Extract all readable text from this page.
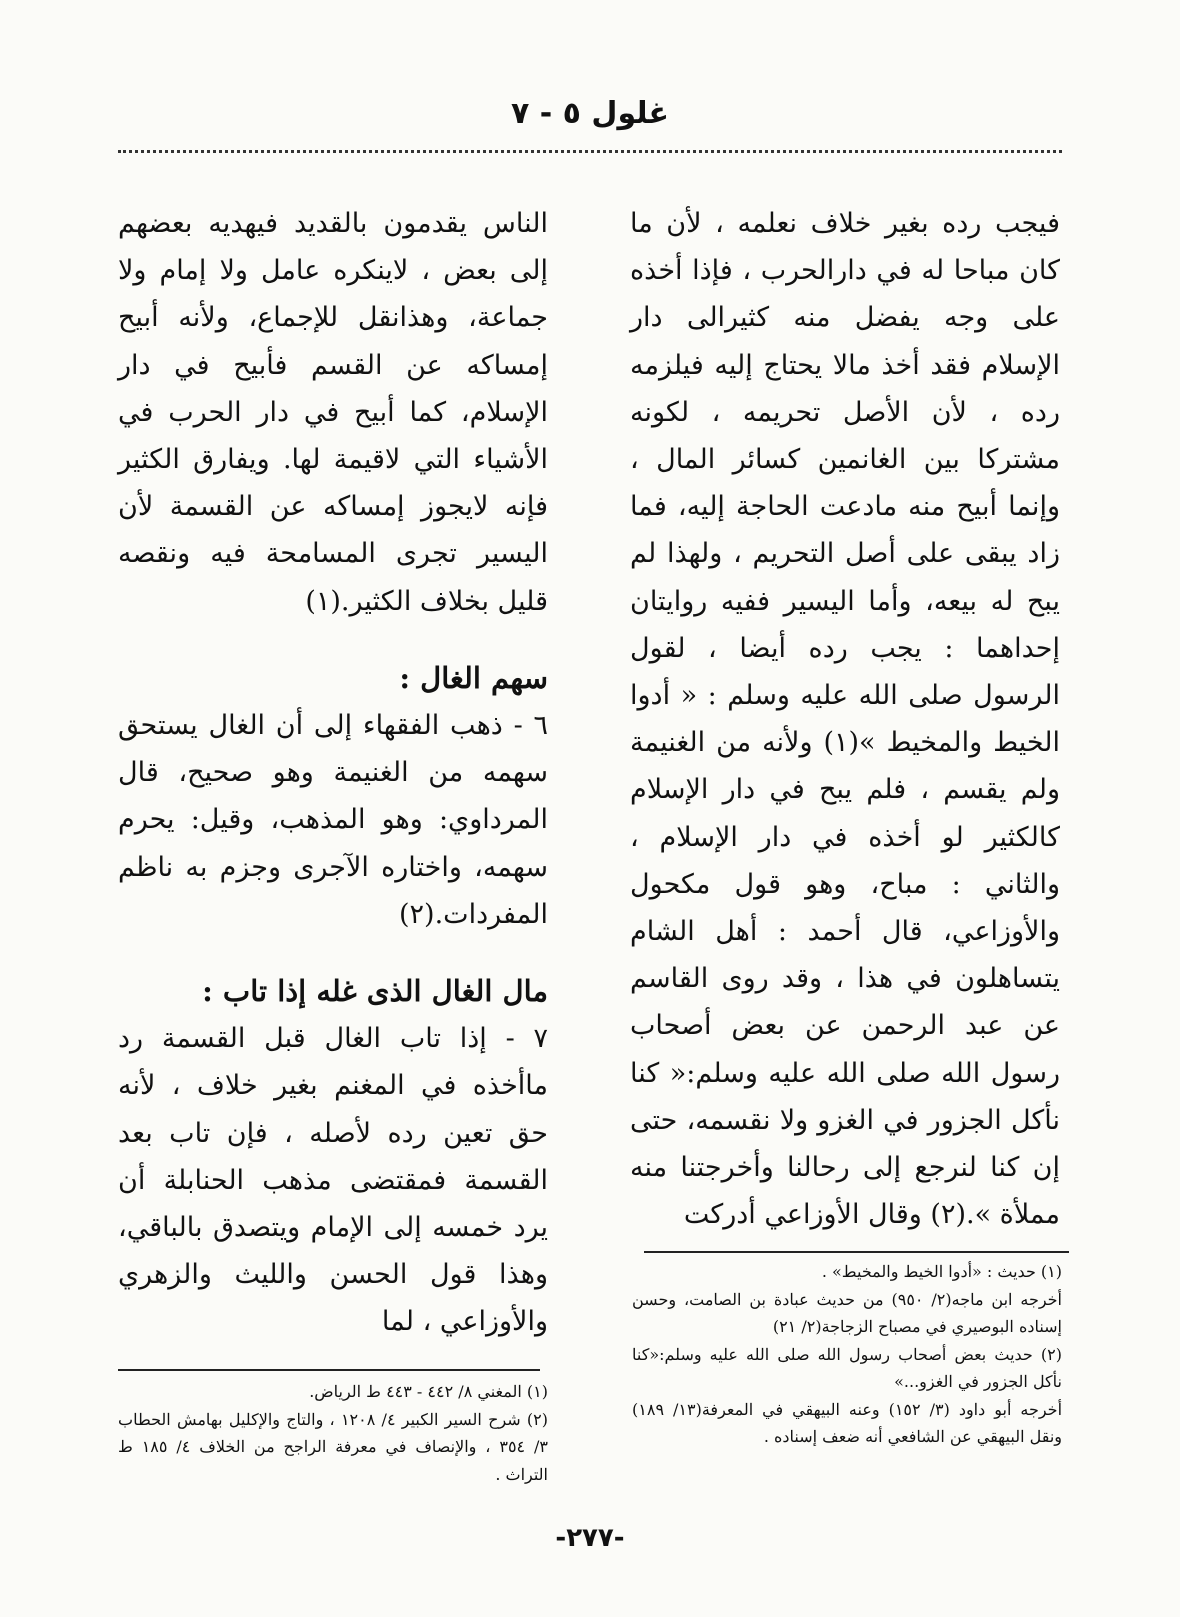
غلول ٥ - ٧

فيجب رده بغير خلاف نعلمه ، لأن ما كان مباحا له في دارالحرب ، فإذا أخذه على وجه يفضل منه كثيرالى دار الإسلام فقد أخذ مالا يحتاج إليه فيلزمه رده ، لأن الأصل تحريمه ، لكونه مشتركا بين الغانمين كسائر المال ، وإنما أبيح منه مادعت الحاجة إليه، فما زاد يبقى على أصل التحريم ، ولهذا لم يبح له بيعه، وأما اليسير ففيه روايتان إحداهما : يجب رده أيضا ، لقول الرسول صلى الله عليه وسلم : « أدوا الخيط والمخيط »(١) ولأنه من الغنيمة ولم يقسم ، فلم يبح في دار الإسلام كالكثير لو أخذه في دار الإسلام ، والثاني : مباح، وهو قول مكحول والأوزاعي، قال أحمد : أهل الشام يتساهلون في هذا ، وقد روى القاسم عن عبد الرحمن عن بعض أصحاب رسول الله صلى الله عليه وسلم:« كنا نأكل الجزور في الغزو ولا نقسمه، حتى إن كنا لنرجع إلى رحالنا وأخرجتنا منه مملأة ».(٢) وقال الأوزاعي أدركت

الناس يقدمون بالقديد فيهديه بعضهم إلى بعض ، لاينكره عامل ولا إمام ولا جماعة، وهذانقل للإجماع، ولأنه أبيح إمساكه عن القسم فأبيح في دار الإسلام، كما أبيح في دار الحرب في الأشياء التي لاقيمة لها. ويفارق الكثير فإنه لايجوز إمساكه عن القسمة لأن اليسير تجرى المسامحة فيه ونقصه قليل بخلاف الكثير.(١)

سهم الغال :

٦ - ذهب الفقهاء إلى أن الغال يستحق سهمه من الغنيمة وهو صحيح، قال المرداوي: وهو المذهب، وقيل: يحرم سهمه، واختاره الآجرى وجزم به ناظم المفردات.(٢)

مال الغال الذى غله إذا تاب :

٧ - إذا تاب الغال قبل القسمة رد ماأخذه في المغنم بغير خلاف ، لأنه حق تعين رده لأصله ، فإن تاب بعد القسمة فمقتضى مذهب الحنابلة أن يرد خمسه إلى الإمام ويتصدق بالباقي، وهذا قول الحسن والليث والزهري والأوزاعي ، لما

(١) حديث : «أدوا الخيط والمخيط» .

أخرجه ابن ماجه(٢/ ٩٥٠) من حديث عبادة بن الصامت، وحسن إسناده البوصيري في مصباح الزجاجة(٢/ ٢١)

(٢) حديث بعض أصحاب رسول الله صلى الله عليه وسلم:«كنا نأكل الجزور في الغزو...»

أخرجه أبو داود (٣/ ١٥٢) وعنه البيهقي في المعرفة(١٣/ ١٨٩) ونقل البيهقي عن الشافعي أنه ضعف إسناده .

(١) المغني ٨/ ٤٤٢ - ٤٤٣ ط الرياض.

(٢) شرح السير الكبير ٤/ ١٢٠٨ ، والتاج والإكليل بهامش الحطاب ٣/ ٣٥٤ ، والإنصاف في معرفة الراجح من الخلاف ٤/ ١٨٥ ط التراث .

-٢٧٧-
